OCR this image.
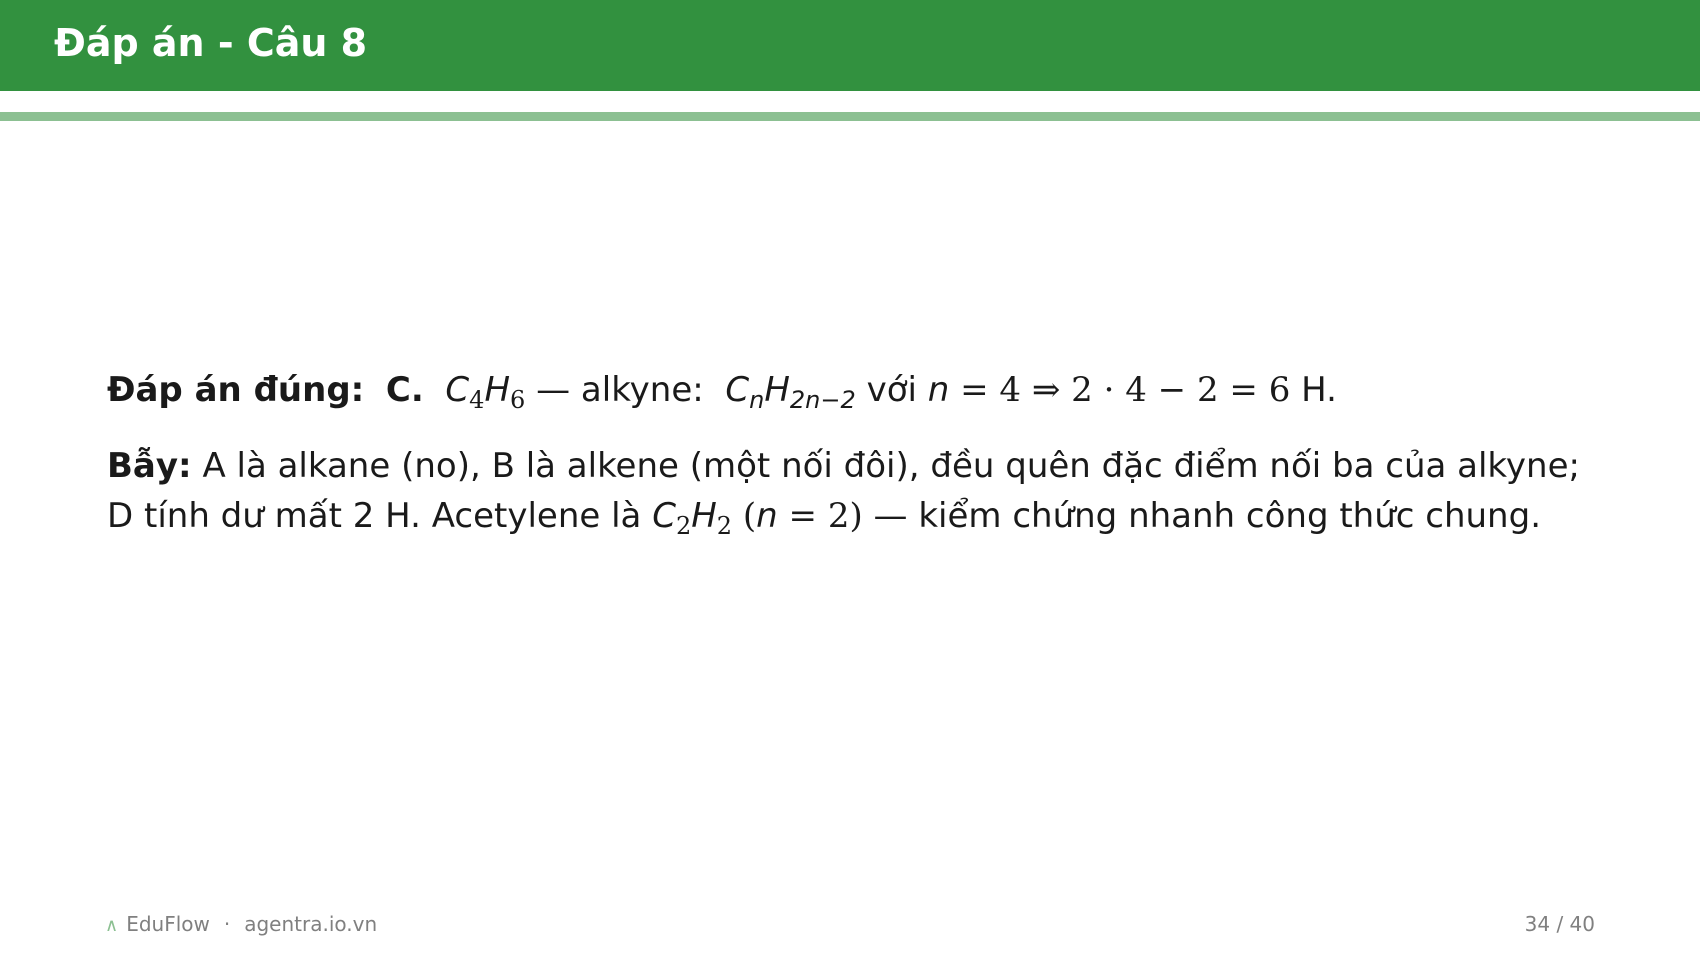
Đáp án - Câu 8

Đáp án đúng: C. $C_4H_6$ — alkyne: $C_nH_{2n-2}$ với n = 4 ⇒ 2 · 4 − 2 = 6 H.

Bẫy: A là alkane (no), B là alkene (một nối đôi), đều quên đặc điểm nối ba của alkyne;
D tính dư mất 2 H. Acetylene là $C_2H_2$ (n = 2) — kiểm chứng nhanh công thức chung.

∧ EduFlow · agentra.io.vn	34 / 40
